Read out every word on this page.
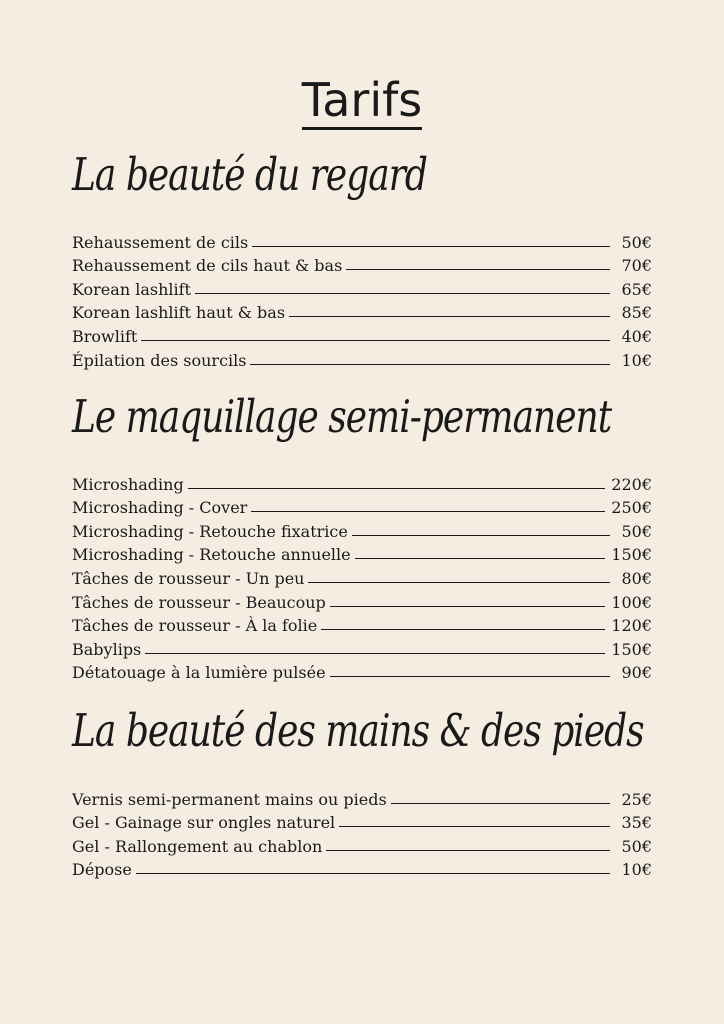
Tarifs
La beauté du regard
Rehaussement de cils	50€
Rehaussement de cils haut & bas	70€
Korean lashlift	65€
Korean lashlift haut & bas	85€
Browlift	40€
Épilation des sourcils	10€
Le maquillage semi-permanent
Microshading	220€
Microshading - Cover	250€
Microshading - Retouche fixatrice	50€
Microshading - Retouche annuelle	150€
Tâches de rousseur - Un peu	80€
Tâches de rousseur - Beaucoup	100€
Tâches de rousseur - À la folie	120€
Babylips	150€
Détatouage à la lumière pulsée	90€
La beauté des mains & des pieds
Vernis semi-permanent mains ou pieds	25€
Gel - Gainage sur ongles naturel	35€
Gel - Rallongement au chablon	50€
Dépose	10€
